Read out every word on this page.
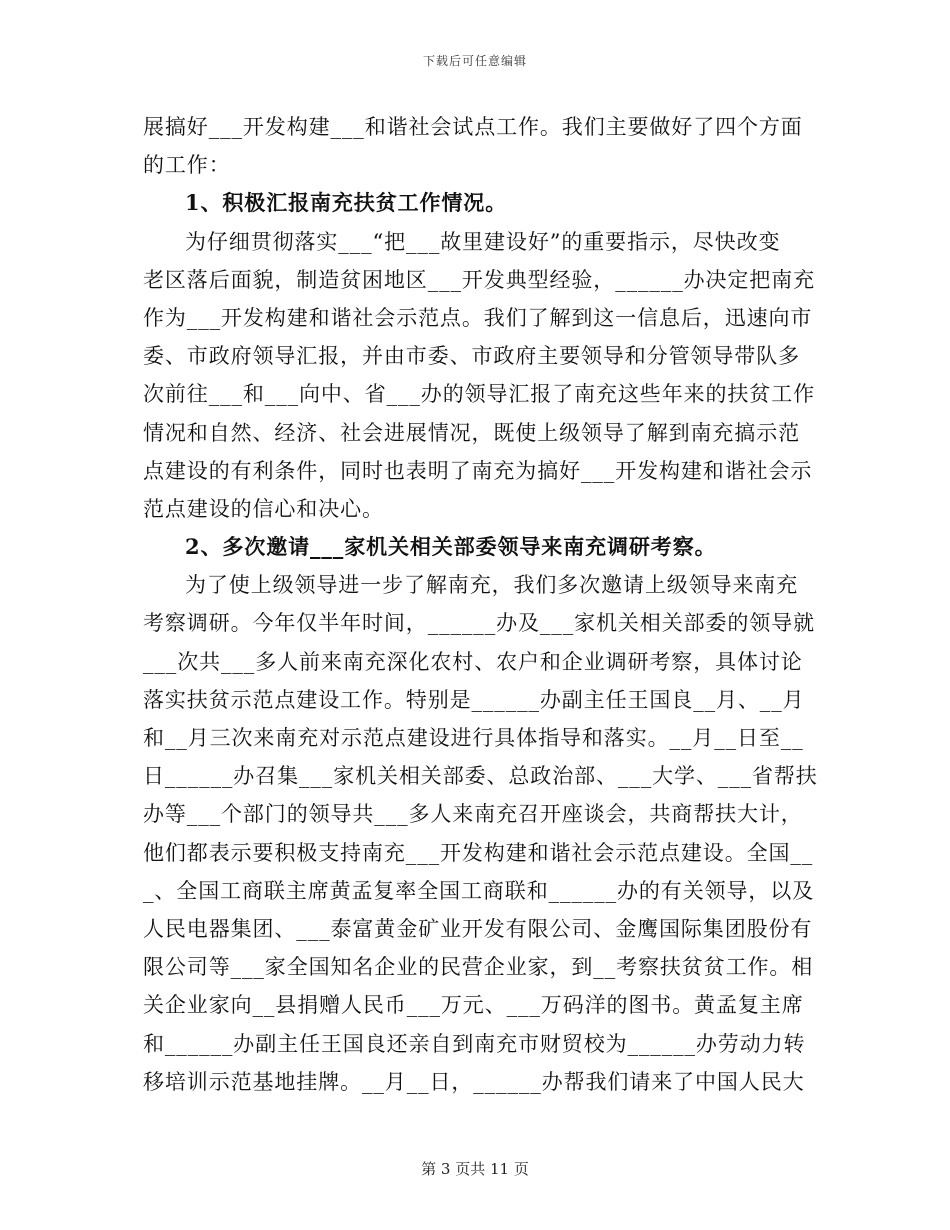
下载后可任意编辑
展搞好___开发构建___和谐社会试点工作。我们主要做好了四个方面
的工作：
1、积极汇报南充扶贫工作情况。
为仔细贯彻落实___“把___故里建设好”的重要指示，尽快改变
老区落后面貌，制造贫困地区___开发典型经验，______办决定把南充
作为___开发构建和谐社会示范点。我们了解到这一信息后，迅速向市
委、市政府领导汇报，并由市委、市政府主要领导和分管领导带队多
次前往___和___向中、省___办的领导汇报了南充这些年来的扶贫工作
情况和自然、经济、社会进展情况，既使上级领导了解到南充搞示范
点建设的有利条件，同时也表明了南充为搞好___开发构建和谐社会示
范点建设的信心和决心。
2、多次邀请___家机关相关部委领导来南充调研考察。
为了使上级领导进一步了解南充，我们多次邀请上级领导来南充
考察调研。今年仅半年时间，______办及___家机关相关部委的领导就
___次共___多人前来南充深化农村、农户和企业调研考察，具体讨论
落实扶贫示范点建设工作。特别是______办副主任王国良__月、__月
和__月三次来南充对示范点建设进行具体指导和落实。__月__日至__
日______办召集___家机关相关部委、总政治部、___大学、___省帮扶
办等___个部门的领导共___多人来南充召开座谈会，共商帮扶大计，
他们都表示要积极支持南充___开发构建和谐社会示范点建设。全国__
_、全国工商联主席黄孟复率全国工商联和______办的有关领导，以及
人民电器集团、___泰富黄金矿业开发有限公司、金鹰国际集团股份有
限公司等___家全国知名企业的民营企业家，到__考察扶贫贫工作。相
关企业家向__县捐赠人民币___万元、___万码洋的图书。黄孟复主席
和______办副主任王国良还亲自到南充市财贸校为______办劳动力转
移培训示范基地挂牌。__月__日，______办帮我们请来了中国人民大
第 3 页共 11 页
